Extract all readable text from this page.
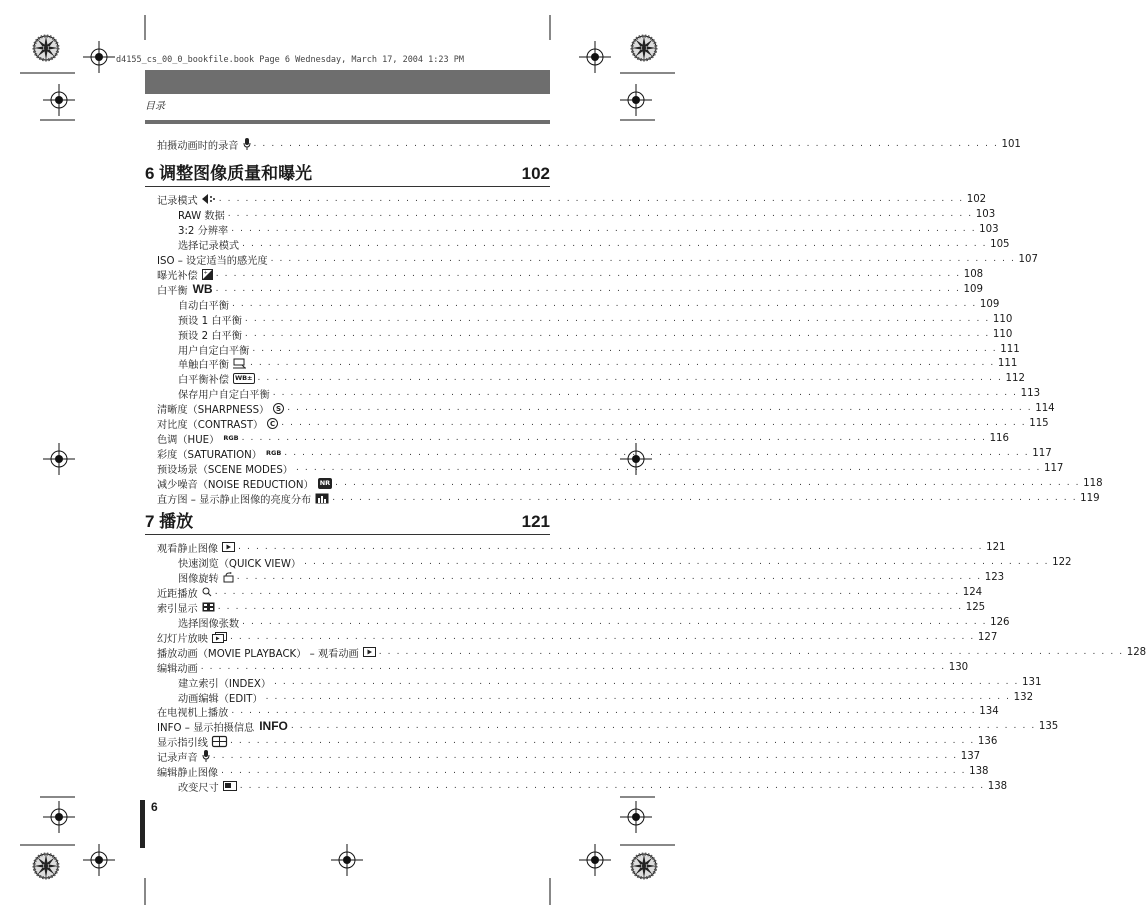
d4155_cs_00_0_bookfile.book Page 6 Wednesday, March 17, 2004 1:23 PM
目录
拍摄动画时的录音 . . . . . . . . . . . . . . . . . . . . . . . . . . . . . . . . . . . . . . . . . . . . . . . . . . . . . . . . . . . . . . . . . . . . . . . . . . . . . . . . . . . . 101
6 调整图像质量和曝光	102
记录模式 . . . . . . . . . . . . . . . . . . . . . . . . . . . . . . . . . . . . . . . . . . . . . . . . . . . . . . . . . . . . . . . . . . . . . . . . . . . . . . . . . . . . 102
RAW 数据 . . . . . . . . . . . . . . . . . . . . . . . . . . . . . . . . . . . . . . . . . . . . . . . . . . . . . . . . . . . . . . . . . . . . . . . . . . . . . . . . . . . . 103
3:2 分辨率 . . . . . . . . . . . . . . . . . . . . . . . . . . . . . . . . . . . . . . . . . . . . . . . . . . . . . . . . . . . . . . . . . . . . . . . . . . . . . . . . . . . . 103
选择记录模式 . . . . . . . . . . . . . . . . . . . . . . . . . . . . . . . . . . . . . . . . . . . . . . . . . . . . . . . . . . . . . . . . . . . . . . . . . . . . . . . . . . . . 105
ISO – 设定适当的感光度 . . . . . . . . . . . . . . . . . . . . . . . . . . . . . . . . . . . . . . . . . . . . . . . . . . . . . . . . . . . . . . . . . . . . . . . . . . . . . . . . . . . . 107
曝光补偿 + . . . . . . . . . . . . . . . . . . . . . . . . . . . . . . . . . . . . . . . . . . . . . . . . . . . . . . . . . . . . . . . . . . . . . . . . . . . . . . . . . . . . 108
白平衡 WB . . . . . . . . . . . . . . . . . . . . . . . . . . . . . . . . . . . . . . . . . . . . . . . . . . . . . . . . . . . . . . . . . . . . . . . . . . . . . . . . . . . . 109
自动白平衡 . . . . . . . . . . . . . . . . . . . . . . . . . . . . . . . . . . . . . . . . . . . . . . . . . . . . . . . . . . . . . . . . . . . . . . . . . . . . . . . . . . . . 109
预设 1 白平衡 . . . . . . . . . . . . . . . . . . . . . . . . . . . . . . . . . . . . . . . . . . . . . . . . . . . . . . . . . . . . . . . . . . . . . . . . . . . . . . . . . . . . 110
预设 2 白平衡 . . . . . . . . . . . . . . . . . . . . . . . . . . . . . . . . . . . . . . . . . . . . . . . . . . . . . . . . . . . . . . . . . . . . . . . . . . . . . . . . . . . . 110
用户自定白平衡 . . . . . . . . . . . . . . . . . . . . . . . . . . . . . . . . . . . . . . . . . . . . . . . . . . . . . . . . . . . . . . . . . . . . . . . . . . . . . . . . . . . . 111
单触白平衡 . . . . . . . . . . . . . . . . . . . . . . . . . . . . . . . . . . . . . . . . . . . . . . . . . . . . . . . . . . . . . . . . . . . . . . . . . . . . . . . . . . . . 111
白平衡补偿 WB± . . . . . . . . . . . . . . . . . . . . . . . . . . . . . . . . . . . . . . . . . . . . . . . . . . . . . . . . . . . . . . . . . . . . . . . . . . . . . . . . . . . . 112
保存用户自定白平衡 . . . . . . . . . . . . . . . . . . . . . . . . . . . . . . . . . . . . . . . . . . . . . . . . . . . . . . . . . . . . . . . . . . . . . . . . . . . . . . . . . . . . 113
清晰度（SHARPNESS） S . . . . . . . . . . . . . . . . . . . . . . . . . . . . . . . . . . . . . . . . . . . . . . . . . . . . . . . . . . . . . . . . . . . . . . . . . . . . . . . . . . . . 114
对比度（CONTRAST） C . . . . . . . . . . . . . . . . . . . . . . . . . . . . . . . . . . . . . . . . . . . . . . . . . . . . . . . . . . . . . . . . . . . . . . . . . . . . . . . . . . . . 115
色调（HUE） RGB . . . . . . . . . . . . . . . . . . . . . . . . . . . . . . . . . . . . . . . . . . . . . . . . . . . . . . . . . . . . . . . . . . . . . . . . . . . . . . . . . . . . 116
彩度（SATURATION） RGB . . . . . . . . . . . . . . . . . . . . . . . . . . . . . . . . . . . . . . . . . . . . . . . . . . . . . . . . . . . . . . . . . . . . . . . . . . . . . . . . . . . . 117
预设场景（SCENE MODES） . . . . . . . . . . . . . . . . . . . . . . . . . . . . . . . . . . . . . . . . . . . . . . . . . . . . . . . . . . . . . . . . . . . . . . . . . . . . . . . . . . . . 117
减少噪音（NOISE REDUCTION） NR . . . . . . . . . . . . . . . . . . . . . . . . . . . . . . . . . . . . . . . . . . . . . . . . . . . . . . . . . . . . . . . . . . . . . . . . . . . . . . . . . . . . 118
直方图 – 显示静止图像的亮度分布 . . . . . . . . . . . . . . . . . . . . . . . . . . . . . . . . . . . . . . . . . . . . . . . . . . . . . . . . . . . . . . . . . . . . . . . . . . . . . . . . . . . . 119
7 播放	121
观看静止图像 . . . . . . . . . . . . . . . . . . . . . . . . . . . . . . . . . . . . . . . . . . . . . . . . . . . . . . . . . . . . . . . . . . . . . . . . . . . . . . . . . . . . 121
快速浏览（QUICK VIEW） . . . . . . . . . . . . . . . . . . . . . . . . . . . . . . . . . . . . . . . . . . . . . . . . . . . . . . . . . . . . . . . . . . . . . . . . . . . . . . . . . . . . 122
图像旋转 . . . . . . . . . . . . . . . . . . . . . . . . . . . . . . . . . . . . . . . . . . . . . . . . . . . . . . . . . . . . . . . . . . . . . . . . . . . . . . . . . . . . 123
近距播放 . . . . . . . . . . . . . . . . . . . . . . . . . . . . . . . . . . . . . . . . . . . . . . . . . . . . . . . . . . . . . . . . . . . . . . . . . . . . . . . . . . . . 124
索引显示 . . . . . . . . . . . . . . . . . . . . . . . . . . . . . . . . . . . . . . . . . . . . . . . . . . . . . . . . . . . . . . . . . . . . . . . . . . . . . . . . . . . . 125
选择图像张数 . . . . . . . . . . . . . . . . . . . . . . . . . . . . . . . . . . . . . . . . . . . . . . . . . . . . . . . . . . . . . . . . . . . . . . . . . . . . . . . . . . . . 126
幻灯片放映 . . . . . . . . . . . . . . . . . . . . . . . . . . . . . . . . . . . . . . . . . . . . . . . . . . . . . . . . . . . . . . . . . . . . . . . . . . . . . . . . . . . . 127
播放动画（MOVIE PLAYBACK） – 观看动画 . . . . . . . . . . . . . . . . . . . . . . . . . . . . . . . . . . . . . . . . . . . . . . . . . . . . . . . . . . . . . . . . . . . . . . . . . . . . . . . . . . . . 128
编辑动画 . . . . . . . . . . . . . . . . . . . . . . . . . . . . . . . . . . . . . . . . . . . . . . . . . . . . . . . . . . . . . . . . . . . . . . . . . . . . . . . . . . . . 130
建立索引（INDEX） . . . . . . . . . . . . . . . . . . . . . . . . . . . . . . . . . . . . . . . . . . . . . . . . . . . . . . . . . . . . . . . . . . . . . . . . . . . . . . . . . . . . 131
动画编辑（EDIT） . . . . . . . . . . . . . . . . . . . . . . . . . . . . . . . . . . . . . . . . . . . . . . . . . . . . . . . . . . . . . . . . . . . . . . . . . . . . . . . . . . . . 132
在电视机上播放 . . . . . . . . . . . . . . . . . . . . . . . . . . . . . . . . . . . . . . . . . . . . . . . . . . . . . . . . . . . . . . . . . . . . . . . . . . . . . . . . . . . . 134
INFO – 显示拍摄信息 INFO . . . . . . . . . . . . . . . . . . . . . . . . . . . . . . . . . . . . . . . . . . . . . . . . . . . . . . . . . . . . . . . . . . . . . . . . . . . . . . . . . . . . 135
显示指引线 . . . . . . . . . . . . . . . . . . . . . . . . . . . . . . . . . . . . . . . . . . . . . . . . . . . . . . . . . . . . . . . . . . . . . . . . . . . . . . . . . . . . 136
记录声音 . . . . . . . . . . . . . . . . . . . . . . . . . . . . . . . . . . . . . . . . . . . . . . . . . . . . . . . . . . . . . . . . . . . . . . . . . . . . . . . . . . . . 137
编辑静止图像 . . . . . . . . . . . . . . . . . . . . . . . . . . . . . . . . . . . . . . . . . . . . . . . . . . . . . . . . . . . . . . . . . . . . . . . . . . . . . . . . . . . . 138
改变尺寸 . . . . . . . . . . . . . . . . . . . . . . . . . . . . . . . . . . . . . . . . . . . . . . . . . . . . . . . . . . . . . . . . . . . . . . . . . . . . . . . . . . . . 138
6
